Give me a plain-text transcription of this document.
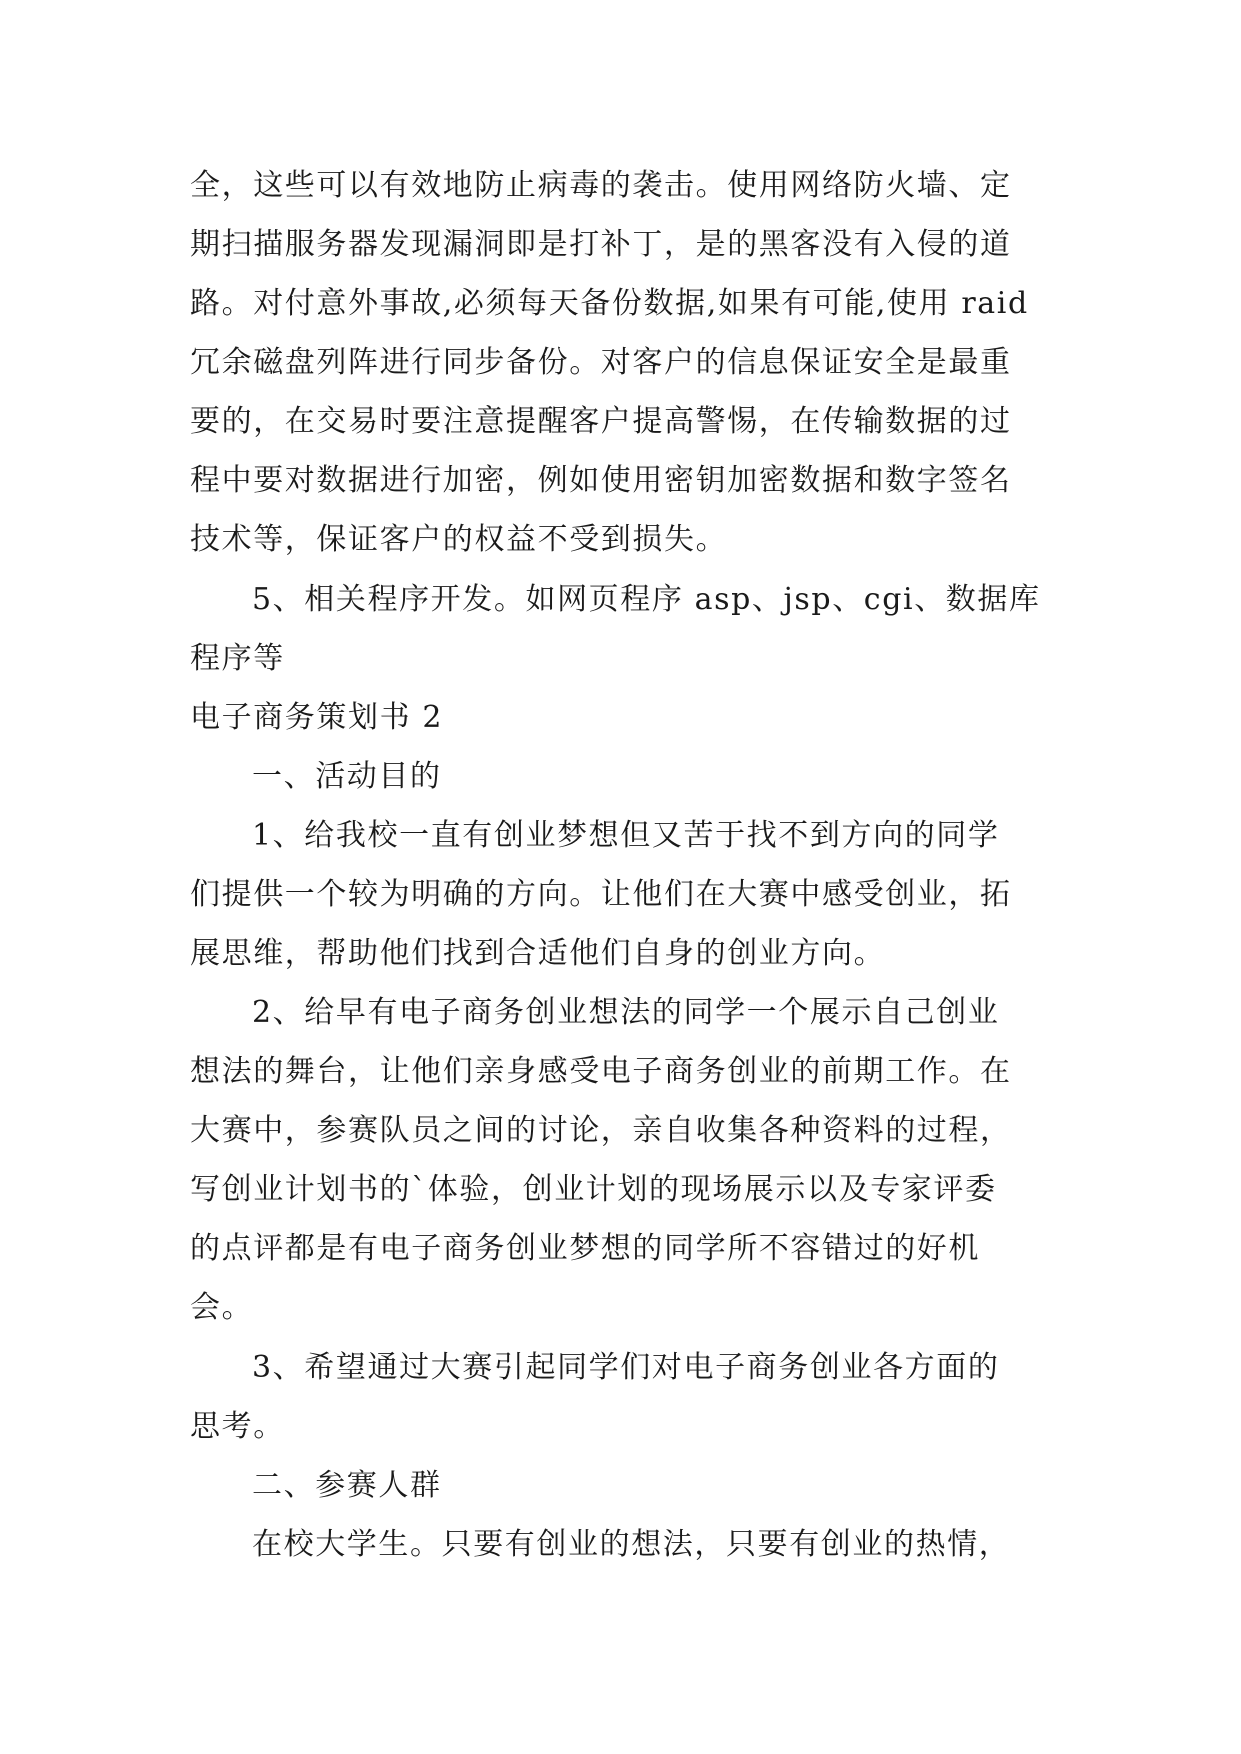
全，这些可以有效地防止病毒的袭击。使用网络防火墙、定
期扫描服务器发现漏洞即是打补丁，是的黑客没有入侵的道
路。对付意外事故,必须每天备份数据,如果有可能,使用 raid
冗余磁盘列阵进行同步备份。对客户的信息保证安全是最重
要的，在交易时要注意提醒客户提高警惕，在传输数据的过
程中要对数据进行加密，例如使用密钥加密数据和数字签名
技术等，保证客户的权益不受到损失。
5、相关程序开发。如网页程序 asp、jsp、cgi、数据库
程序等
电子商务策划书 2
一、活动目的
1、给我校一直有创业梦想但又苦于找不到方向的同学
们提供一个较为明确的方向。让他们在大赛中感受创业，拓
展思维，帮助他们找到合适他们自身的创业方向。
2、给早有电子商务创业想法的同学一个展示自己创业
想法的舞台，让他们亲身感受电子商务创业的前期工作。在
大赛中，参赛队员之间的讨论，亲自收集各种资料的过程，
写创业计划书的`体验，创业计划的现场展示以及专家评委
的点评都是有电子商务创业梦想的同学所不容错过的好机
会。
3、希望通过大赛引起同学们对电子商务创业各方面的
思考。
二、参赛人群
在校大学生。只要有创业的想法，只要有创业的热情，
